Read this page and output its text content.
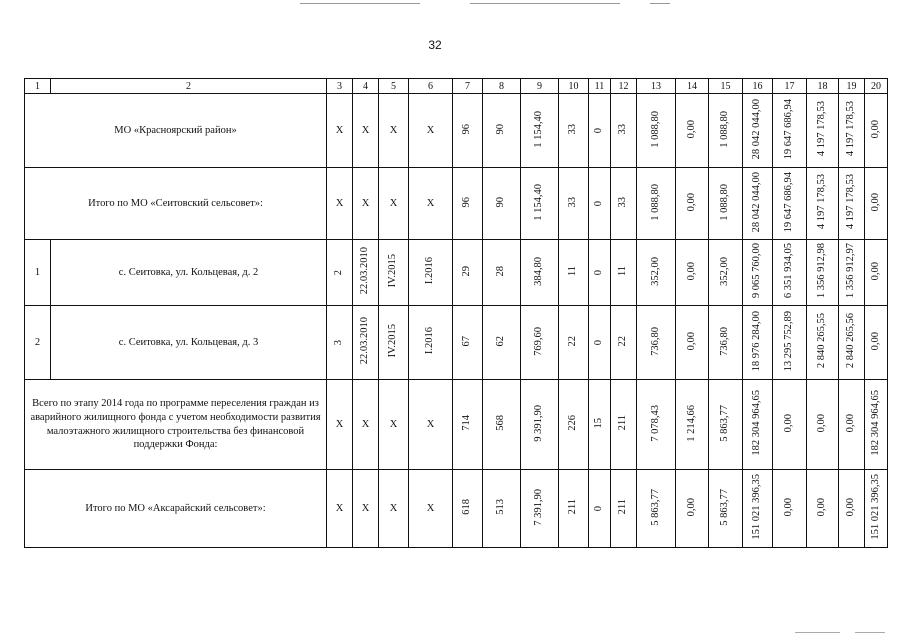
32
1	2	3	4	5	6	7	8	9	10	11	12	13	14	15	16	17	18	19	20
МО «Красноярский район»		Х	Х	Х	Х	96	90	1 154,40	33	0	33	1 088,80	0,00	1 088,80	28 042 044,00	19 647 686,94	4 197 178,53	4 197 178,53	0,00
Итого по МО «Сеитовский сельсовет»:		Х	Х	Х	Х	96	90	1 154,40	33	0	33	1 088,80	0,00	1 088,80	28 042 044,00	19 647 686,94	4 197 178,53	4 197 178,53	0,00
1	с. Сеитовка, ул. Кольцевая, д. 2	2	22.03.2010	IV.2015	I.2016	29	28	384,80	11	0	11	352,00	0,00	352,00	9 065 760,00	6 351 934,05	1 356 912,98	1 356 912,97	0,00
2	с. Сеитовка, ул. Кольцевая, д. 3	3	22.03.2010	IV.2015	I.2016	67	62	769,60	22	0	22	736,80	0,00	736,80	18 976 284,00	13 295 752,89	2 840 265,55	2 840 265,56	0,00
Всего по этапу 2014 года по программе переселения граждан из аварийного жилищного фонда с учетом необходимости развития малоэтажного жилищного строительства без финансовой поддержки Фонда:		Х	Х	Х	Х	714	568	9 391,90	226	15	211	7 078,43	1 214,66	5 863,77	182 304 964,65	0,00	0,00	0,00	182 304 964,65
Итого по МО «Аксарайский сельсовет»:		Х	Х	Х	Х	618	513	7 391,90	211	0	211	5 863,77	0,00	5 863,77	151 021 396,35	0,00	0,00	0,00	151 021 396,35
